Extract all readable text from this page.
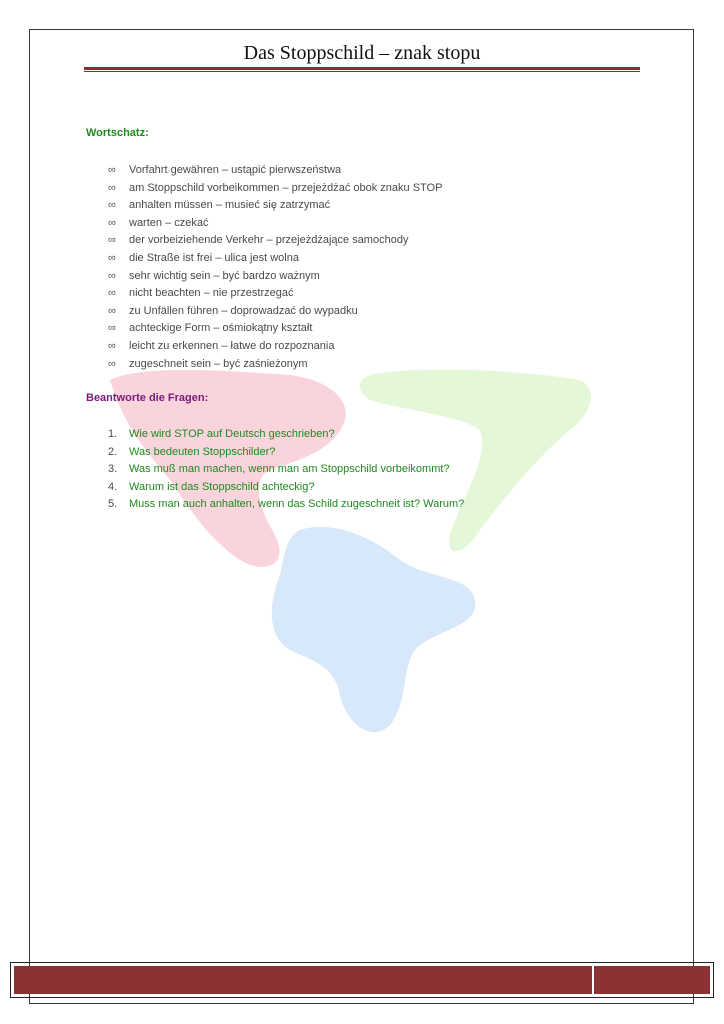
Das Stoppschild – znak stopu
Wortschatz:
∞ Vorfahrt gewähren – ustąpić pierwszeństwa
∞ am Stoppschild vorbeikommen – przejeżdżać obok znaku STOP
∞ anhalten müssen – musieć się zatrzymać
∞ warten – czekać
∞ der vorbeiziehende Verkehr – przejeżdżające samochody
∞ die Straße ist frei – ulica jest wolna
∞ sehr wichtig sein – być bardzo ważnym
∞ nicht beachten – nie przestrzegać
∞ zu Unfällen führen – doprowadzać do wypadku
∞ achteckige Form – ośmiokątny kształt
∞ leicht zu erkennen – łatwe do rozpoznania
∞ zugeschneit sein – być zaśnieżonym
Beantworte die Fragen:
1. Wie wird STOP auf Deutsch geschrieben?
2. Was bedeuten Stoppschilder?
3. Was muß man machen, wenn man am Stoppschild vorbeikommt?
4. Warum ist das Stoppschild achteckig?
5. Muss man auch anhalten, wenn das Schild zugeschneit ist? Warum?
gerlic.pl Strona 1
